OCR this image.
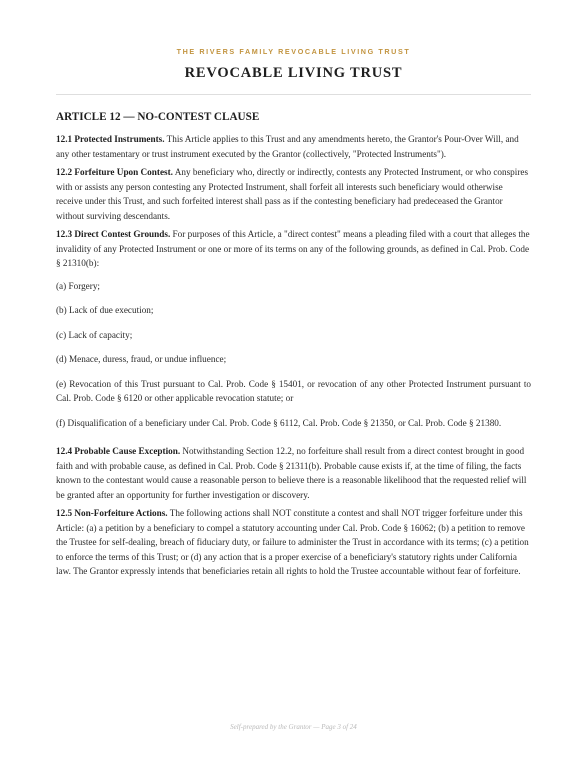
THE RIVERS FAMILY REVOCABLE LIVING TRUST
REVOCABLE LIVING TRUST
ARTICLE 12 — NO-CONTEST CLAUSE

12.1 Protected Instruments. This Article applies to this Trust and any amendments hereto, the Grantor's Pour-Over Will, and any other testamentary or trust instrument executed by the Grantor (collectively, "Protected Instruments").

12.2 Forfeiture Upon Contest. Any beneficiary who, directly or indirectly, contests any Protected Instrument, or who conspires with or assists any person contesting any Protected Instrument, shall forfeit all interests such beneficiary would otherwise receive under this Trust, and such forfeited interest shall pass as if the contesting beneficiary had predeceased the Grantor without surviving descendants.

12.3 Direct Contest Grounds. For purposes of this Article, a "direct contest" means a pleading filed with a court that alleges the invalidity of any Protected Instrument or one or more of its terms on any of the following grounds, as defined in Cal. Prob. Code § 21310(b):

(a) Forgery;

(b) Lack of due execution;

(c) Lack of capacity;

(d) Menace, duress, fraud, or undue influence;

(e) Revocation of this Trust pursuant to Cal. Prob. Code § 15401, or revocation of any other Protected Instrument pursuant to Cal. Prob. Code § 6120 or other applicable revocation statute; or

(f) Disqualification of a beneficiary under Cal. Prob. Code § 6112, Cal. Prob. Code § 21350, or Cal. Prob. Code § 21380.

12.4 Probable Cause Exception. Notwithstanding Section 12.2, no forfeiture shall result from a direct contest brought in good faith and with probable cause, as defined in Cal. Prob. Code § 21311(b). Probable cause exists if, at the time of filing, the facts known to the contestant would cause a reasonable person to believe there is a reasonable likelihood that the requested relief will be granted after an opportunity for further investigation or discovery.

12.5 Non-Forfeiture Actions. The following actions shall NOT constitute a contest and shall NOT trigger forfeiture under this Article: (a) a petition by a beneficiary to compel a statutory accounting under Cal. Prob. Code § 16062; (b) a petition to remove the Trustee for self-dealing, breach of fiduciary duty, or failure to administer the Trust in accordance with its terms; (c) a petition to enforce the terms of this Trust; or (d) any action that is a proper exercise of a beneficiary's statutory rights under California law. The Grantor expressly intends that beneficiaries retain all rights to hold the Trustee accountable without fear of forfeiture.

Self-prepared by the Grantor — Page 3 of 24
